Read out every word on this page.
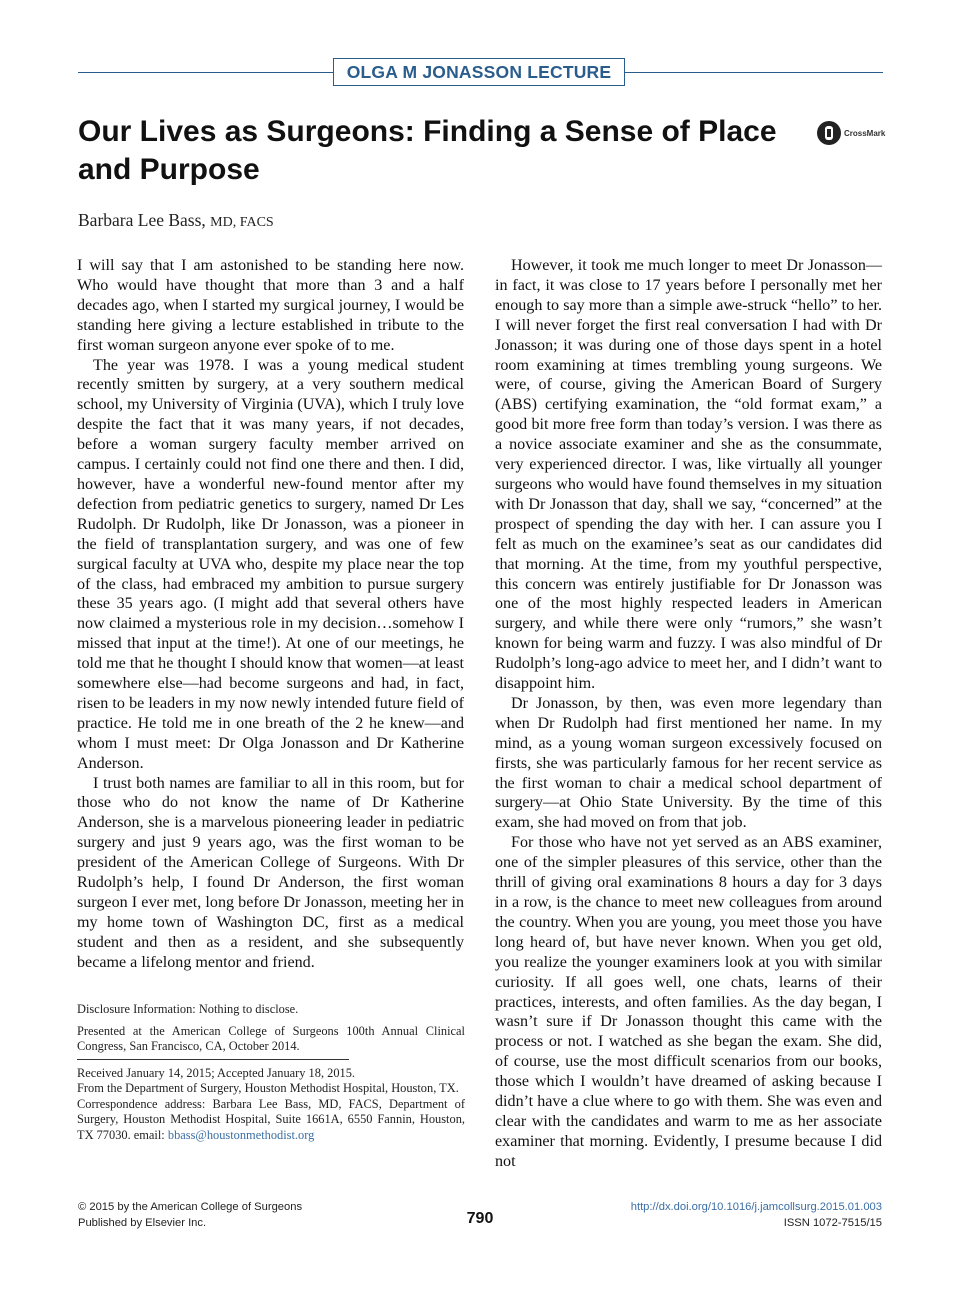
OLGA M JONASSON LECTURE
Our Lives as Surgeons: Finding a Sense of Place
and Purpose
CrossMark
Barbara Lee Bass, MD, FACS

I will say that I am astonished to be standing here now. Who would have thought that more than 3 and a half decades ago, when I started my surgical journey, I would be standing here giving a lecture established in tribute to the first woman surgeon anyone ever spoke of to me.

The year was 1978. I was a young medical student recently smitten by surgery, at a very southern medical school, my University of Virginia (UVA), which I truly love despite the fact that it was many years, if not decades, before a woman surgery faculty member arrived on campus. I certainly could not find one there and then. I did, however, have a wonderful new-found mentor after my defection from pediatric genetics to surgery, named Dr Les Rudolph. Dr Rudolph, like Dr Jonasson, was a pioneer in the field of transplantation surgery, and was one of few surgical faculty at UVA who, despite my place near the top of the class, had embraced my ambition to pursue surgery these 35 years ago. (I might add that several others have now claimed a mysterious role in my decision…somehow I missed that input at the time!). At one of our meetings, he told me that he thought I should know that women—at least somewhere else—had become surgeons and had, in fact, risen to be leaders in my now newly intended future field of practice. He told me in one breath of the 2 he knew—and whom I must meet: Dr Olga Jonasson and Dr Katherine Anderson.

I trust both names are familiar to all in this room, but for those who do not know the name of Dr Katherine Anderson, she is a marvelous pioneering leader in pediatric surgery and just 9 years ago, was the first woman to be president of the American College of Surgeons. With Dr Rudolph’s help, I found Dr Anderson, the first woman surgeon I ever met, long before Dr Jonasson, meeting her in my home town of Washington DC, first as a medical student and then as a resident, and she subsequently became a lifelong mentor and friend.

However, it took me much longer to meet Dr Jonasson—in fact, it was close to 17 years before I personally met her enough to say more than a simple awe-struck “hello” to her. I will never forget the first real conversation I had with Dr Jonasson; it was during one of those days spent in a hotel room examining at times trembling young surgeons. We were, of course, giving the American Board of Surgery (ABS) certifying examination, the “old format exam,” a good bit more free form than today’s version. I was there as a novice associate examiner and she as the consummate, very experienced director. I was, like virtually all younger surgeons who would have found themselves in my situation with Dr Jonasson that day, shall we say, “concerned” at the prospect of spending the day with her. I can assure you I felt as much on the examinee’s seat as our candidates did that morning. At the time, from my youthful perspective, this concern was entirely justifiable for Dr Jonasson was one of the most highly respected leaders in American surgery, and while there were only “rumors,” she wasn’t known for being warm and fuzzy. I was also mindful of Dr Rudolph’s long-ago advice to meet her, and I didn’t want to disappoint him.

Dr Jonasson, by then, was even more legendary than when Dr Rudolph had first mentioned her name. In my mind, as a young woman surgeon excessively focused on firsts, she was particularly famous for her recent service as the first woman to chair a medical school department of surgery—at Ohio State University. By the time of this exam, she had moved on from that job.

For those who have not yet served as an ABS examiner, one of the simpler pleasures of this service, other than the thrill of giving oral examinations 8 hours a day for 3 days in a row, is the chance to meet new colleagues from around the country. When you are young, you meet those you have long heard of, but have never known. When you get old, you realize the younger examiners look at you with similar curiosity. If all goes well, one chats, learns of their practices, interests, and often families. As the day began, I wasn’t sure if Dr Jonasson thought this came with the process or not. I watched as she began the exam. She did, of course, use the most difficult scenarios from our books, those which I wouldn’t have dreamed of asking because I didn’t have a clue where to go with them. She was even and clear with the candidates and warm to me as her associate examiner that morning. Evidently, I presume because I did not

Disclosure Information: Nothing to disclose.

Presented at the American College of Surgeons 100th Annual Clinical Congress, San Francisco, CA, October 2014.

Received January 14, 2015; Accepted January 18, 2015.

From the Department of Surgery, Houston Methodist Hospital, Houston, TX.

Correspondence address: Barbara Lee Bass, MD, FACS, Department of Surgery, Houston Methodist Hospital, Suite 1661A, 6550 Fannin, Houston, TX 77030. email: bbass@houstonmethodist.org

© 2015 by the American College of Surgeons
Published by Elsevier Inc.	790
http://dx.doi.org/10.1016/j.jamcollsurg.2015.01.003
ISSN 1072-7515/15
